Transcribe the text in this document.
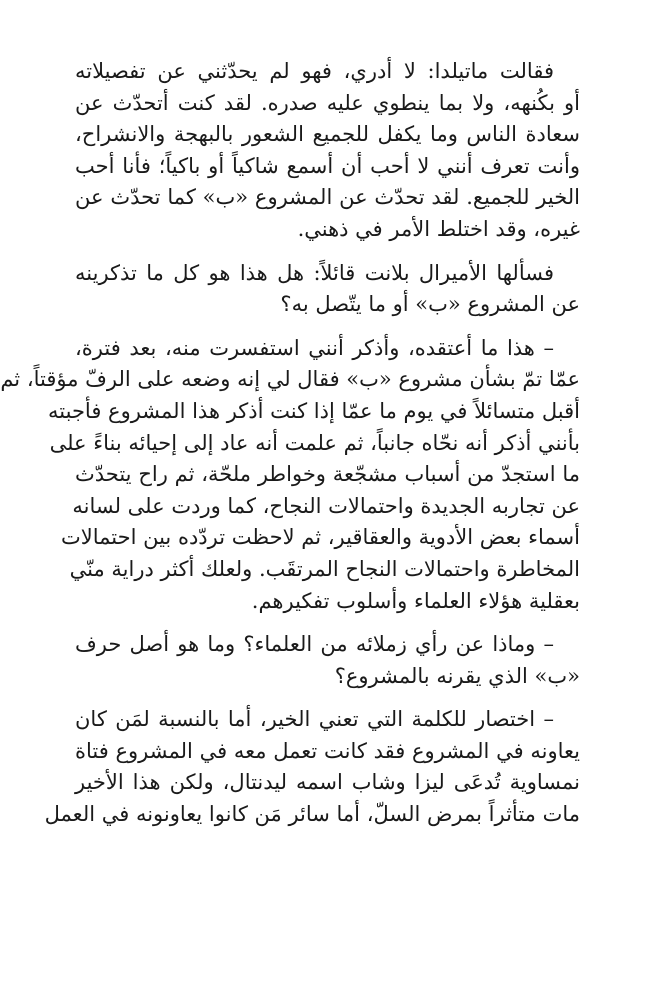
فقالت ماتيلدا: لا أدري، فهو لم يحدّثني عن تفصيلاته
أو بكُنهه، ولا بما ينطوي عليه صدره. لقد كنت أتحدّث عن
سعادة الناس وما يكفل للجميع الشعور بالبهجة والانشراح،
وأنت تعرف أنني لا أحب أن أسمع شاكياً أو باكياً؛ فأنا أحب
الخير للجميع. لقد تحدّث عن المشروع «ب» كما تحدّث عن
غيره، وقد اختلط الأمر في ذهني.

فسألها الأميرال بلانت قائلاً: هل هذا هو كل ما تذكرينه
عن المشروع «ب» أو ما يتّصل به؟

– هذا ما أعتقده، وأذكر أنني استفسرت منه، بعد فترة،
عمّا تمّ بشأن مشروع «ب» فقال لي إنه وضعه على الرفّ مؤقتاً، ثم
أقبل متسائلاً في يوم ما عمّا إذا كنت أذكر هذا المشروع فأجبته
بأنني أذكر أنه نحّاه جانباً، ثم علمت أنه عاد إلى إحيائه بناءً على
ما استجدّ من أسباب مشجّعة وخواطر ملحّة، ثم راح يتحدّث
عن تجاربه الجديدة واحتمالات النجاح، كما وردت على لسانه
أسماء بعض الأدوية والعقاقير، ثم لاحظت تردّده بين احتمالات
المخاطرة واحتمالات النجاح المرتقَب. ولعلك أكثر دراية منّي
بعقلية هؤلاء العلماء وأسلوب تفكيرهم.

– وماذا عن رأي زملائه من العلماء؟ وما هو أصل حرف
«ب» الذي يقرنه بالمشروع؟

– اختصار للكلمة التي تعني الخير، أما بالنسبة لمَن كان
يعاونه في المشروع فقد كانت تعمل معه في المشروع فتاة
نمساوية تُدعَى ليزا وشاب اسمه ليدنتال، ولكن هذا الأخير
مات متأثراً بمرض السلّ، أما سائر مَن كانوا يعاونونه في العمل
